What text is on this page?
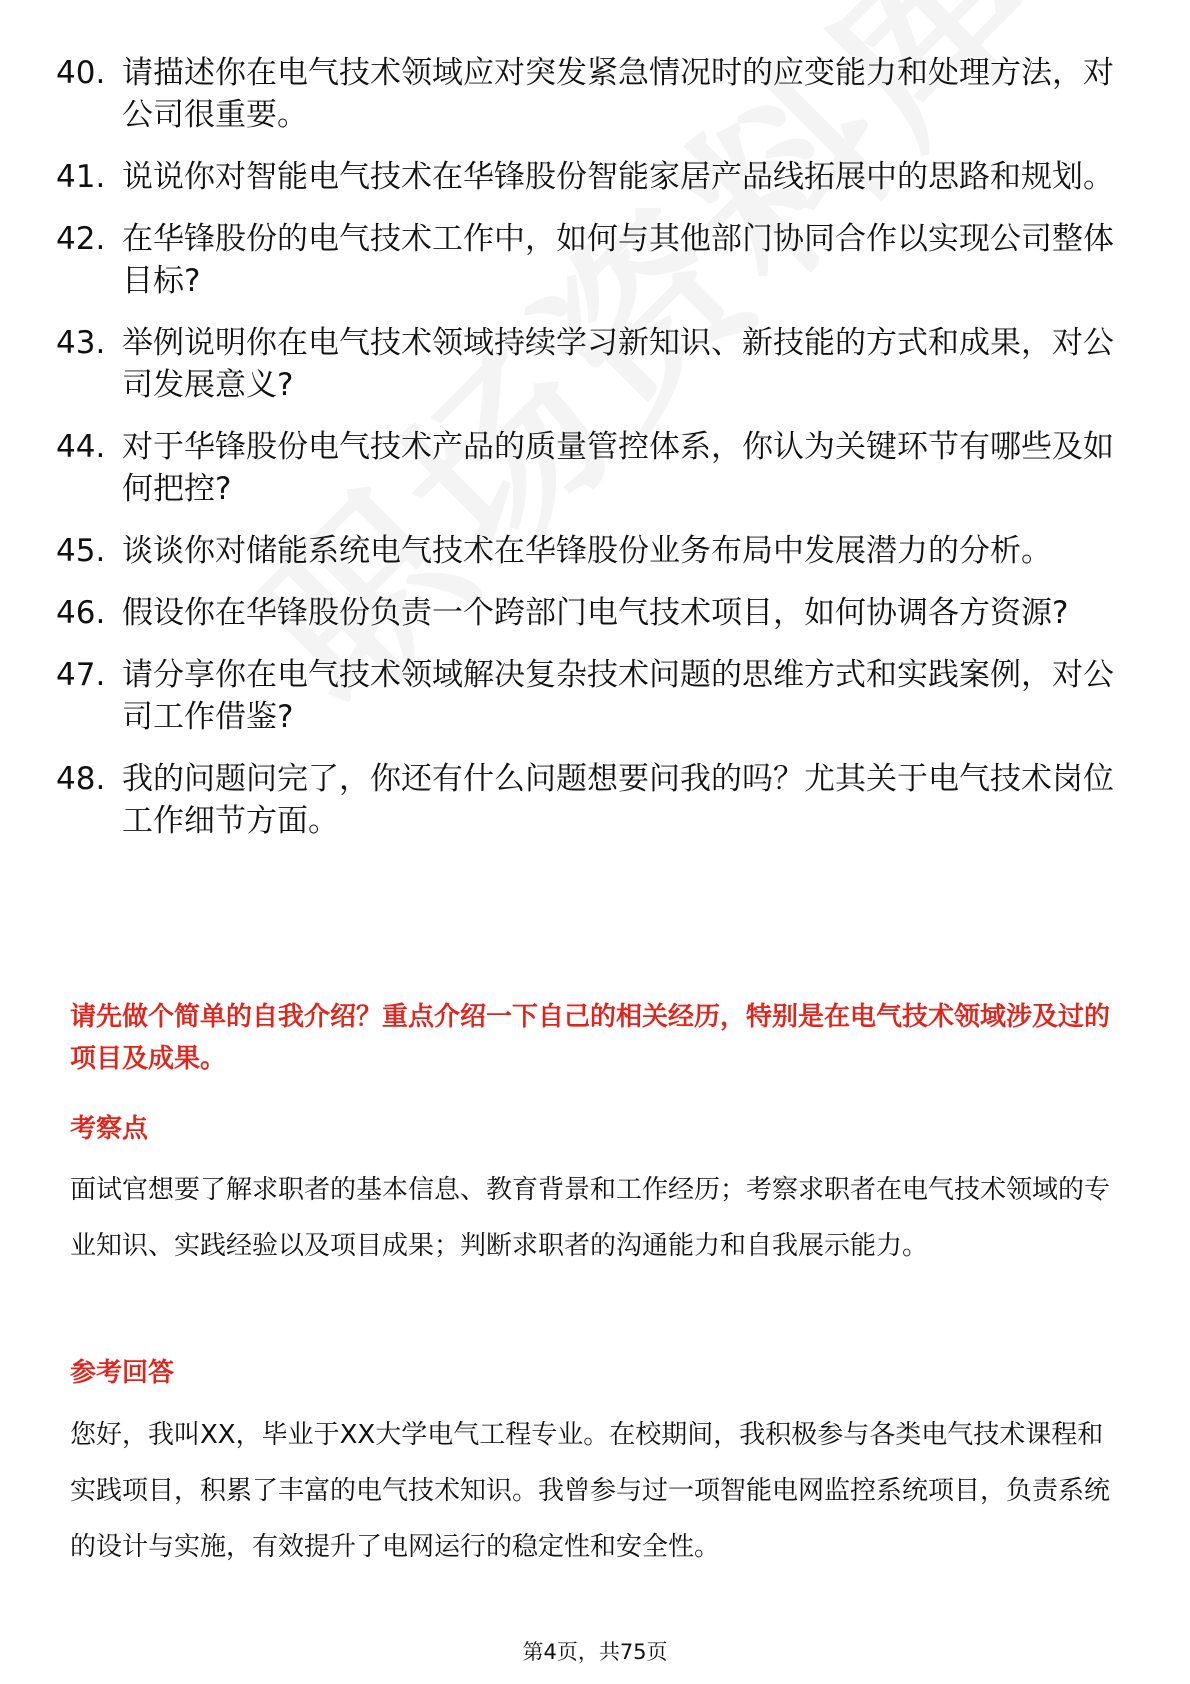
40. 请描述你在电气技术领域应对突发紧急情况时的应变能力和处理方法，对公司很重要。
41. 说说你对智能电气技术在华锋股份智能家居产品线拓展中的思路和规划。
42. 在华锋股份的电气技术工作中，如何与其他部门协同合作以实现公司整体目标?
43. 举例说明你在电气技术领域持续学习新知识、新技能的方式和成果，对公司发展意义?
44. 对于华锋股份电气技术产品的质量管控体系，你认为关键环节有哪些及如何把控?
45. 谈谈你对储能系统电气技术在华锋股份业务布局中发展潜力的分析。
46. 假设你在华锋股份负责一个跨部门电气技术项目，如何协调各方资源?
47. 请分享你在电气技术领域解决复杂技术问题的思维方式和实践案例，对公司工作借鉴?
48. 我的问题问完了，你还有什么问题想要问我的吗？尤其关于电气技术岗位工作细节方面。
请先做个简单的自我介绍？重点介绍一下自己的相关经历，特别是在电气技术领域涉及过的项目及成果。
考察点
面试官想要了解求职者的基本信息、教育背景和工作经历；考察求职者在电气技术领域的专业知识、实践经验以及项目成果；判断求职者的沟通能力和自我展示能力。
参考回答
您好，我叫XX，毕业于XX大学电气工程专业。在校期间，我积极参与各类电气技术课程和实践项目，积累了丰富的电气技术知识。我曾参与过一项智能电网监控系统项目，负责系统的设计与实施，有效提升了电网运行的稳定性和安全性。
第4页，共75页
